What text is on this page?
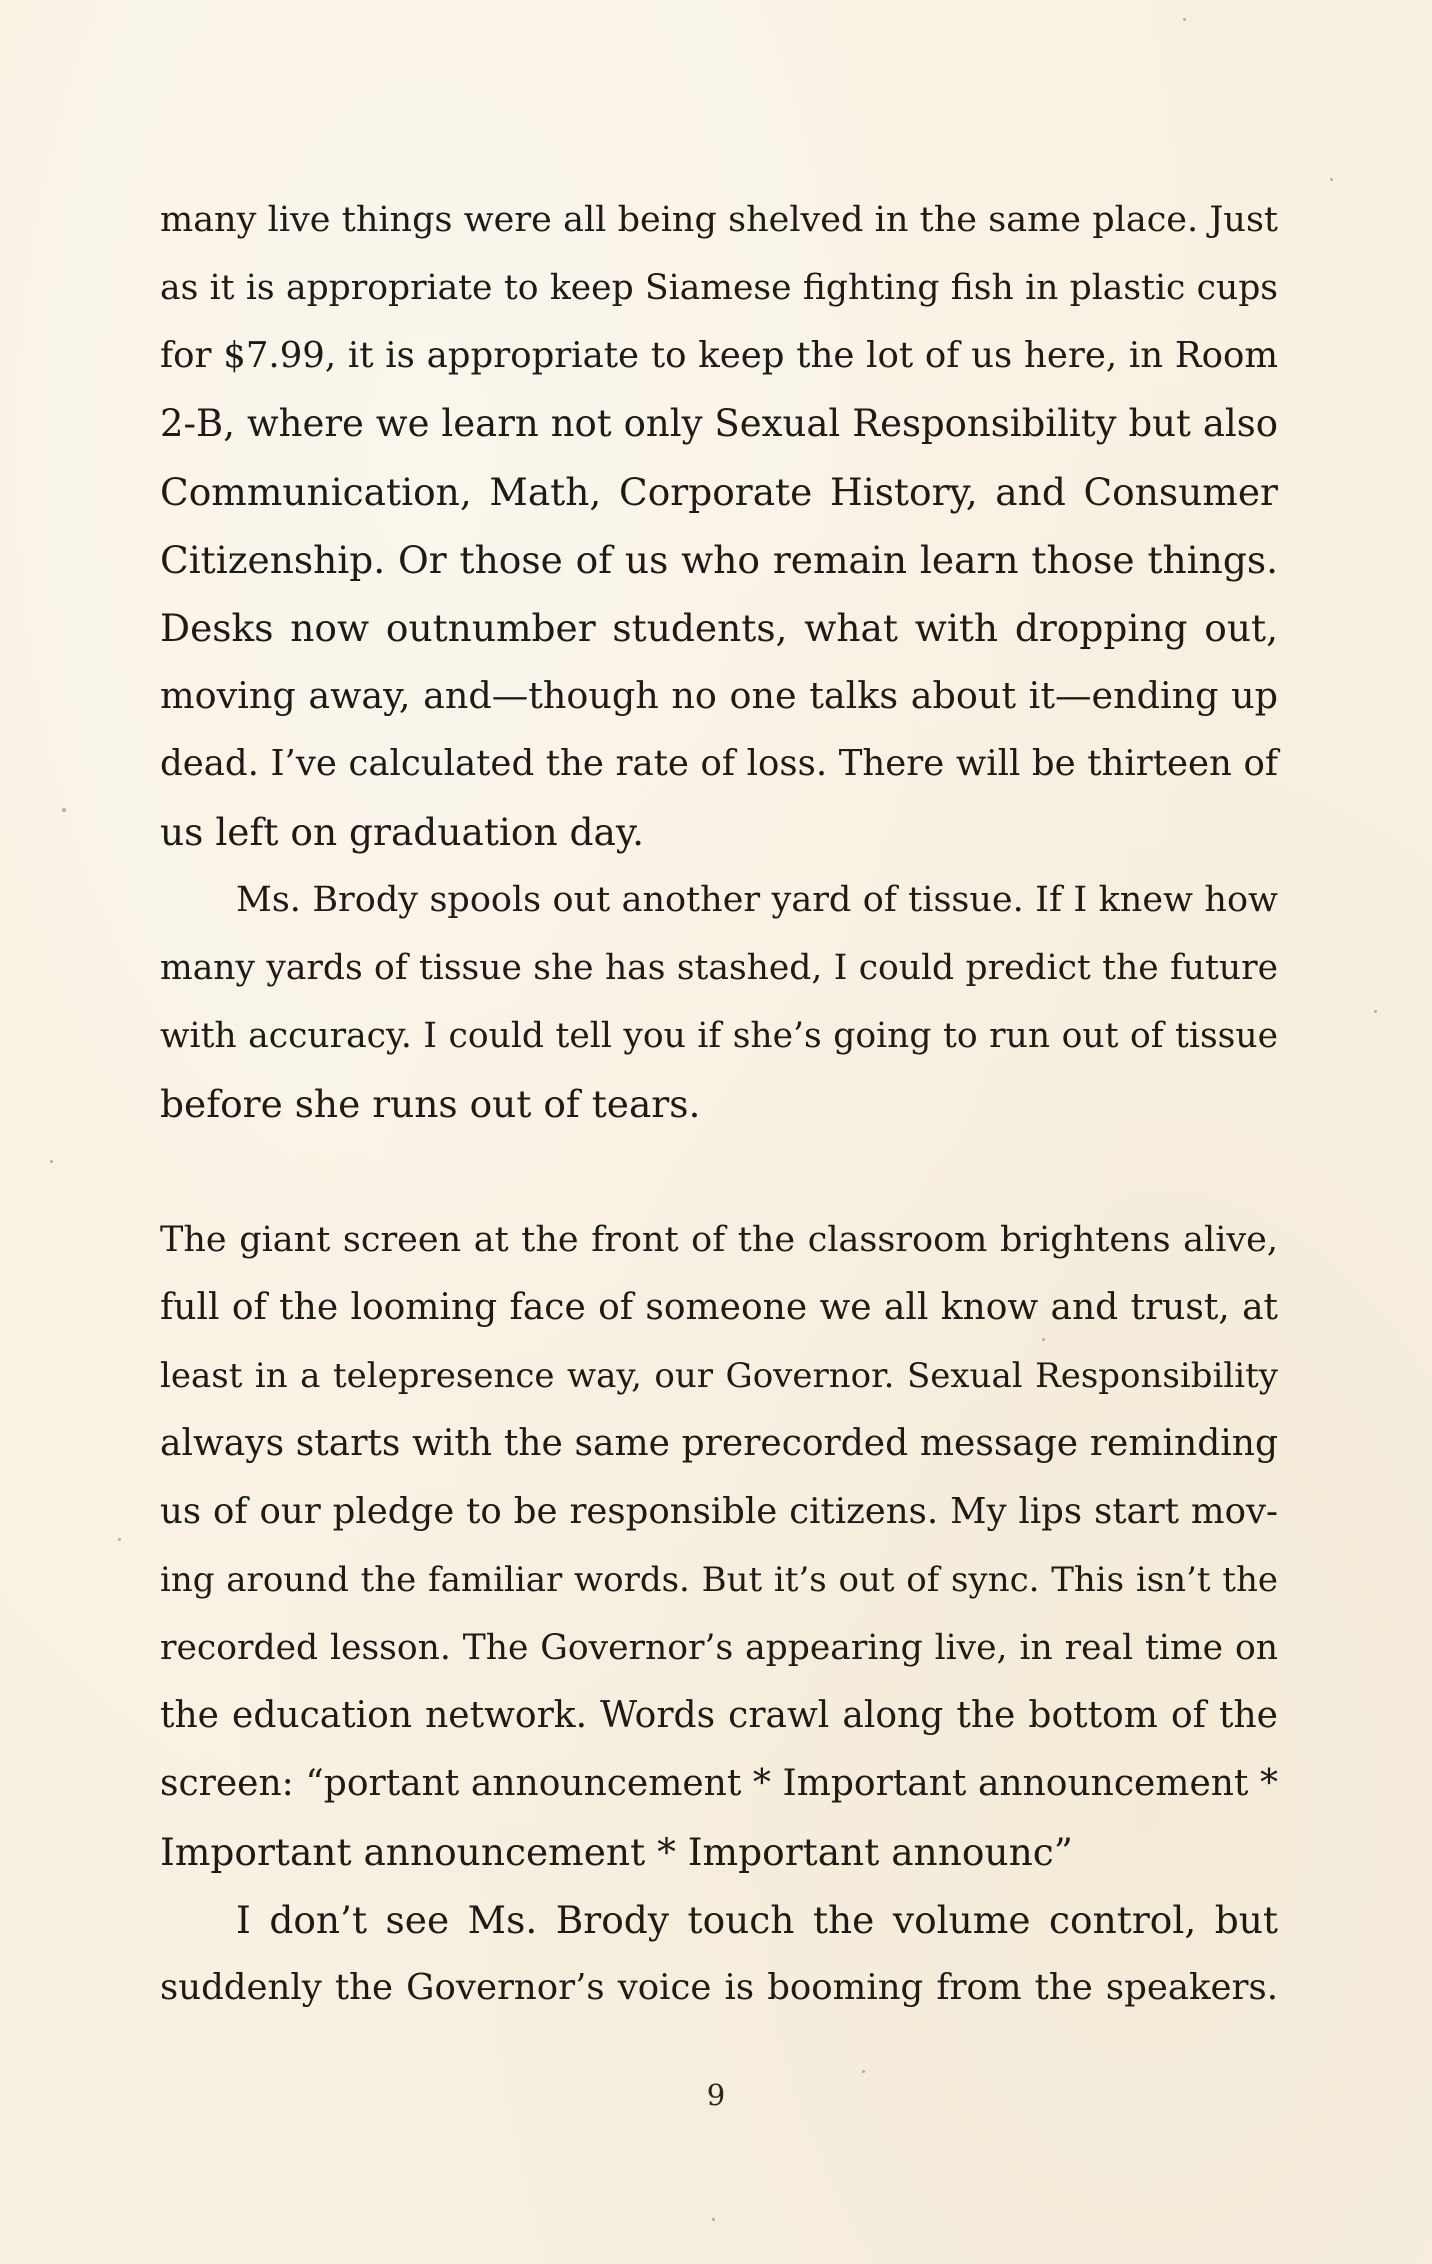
many live things were all being shelved in the same place. Just
as it is appropriate to keep Siamese fighting fish in plastic cups
for $7.99, it is appropriate to keep the lot of us here, in Room
2-B, where we learn not only Sexual Responsibility but also
Communication, Math, Corporate History, and Consumer
Citizenship. Or those of us who remain learn those things.
Desks now outnumber students, what with dropping out,
moving away, and—though no one talks about it—ending up
dead. I’ve calculated the rate of loss. There will be thirteen of
us left on graduation day.
Ms. Brody spools out another yard of tissue. If I knew how
many yards of tissue she has stashed, I could predict the future
with accuracy. I could tell you if she’s going to run out of tissue
before she runs out of tears.
The giant screen at the front of the classroom brightens alive,
full of the looming face of someone we all know and trust, at
least in a telepresence way, our Governor. Sexual Responsibility
always starts with the same prerecorded message reminding
us of our pledge to be responsible citizens. My lips start mov-
ing around the familiar words. But it’s out of sync. This isn’t the
recorded lesson. The Governor’s appearing live, in real time on
the education network. Words crawl along the bottom of the
screen: “portant announcement * Important announcement *
Important announcement * Important announc”
I don’t see Ms. Brody touch the volume control, but
suddenly the Governor’s voice is booming from the speakers.
9
